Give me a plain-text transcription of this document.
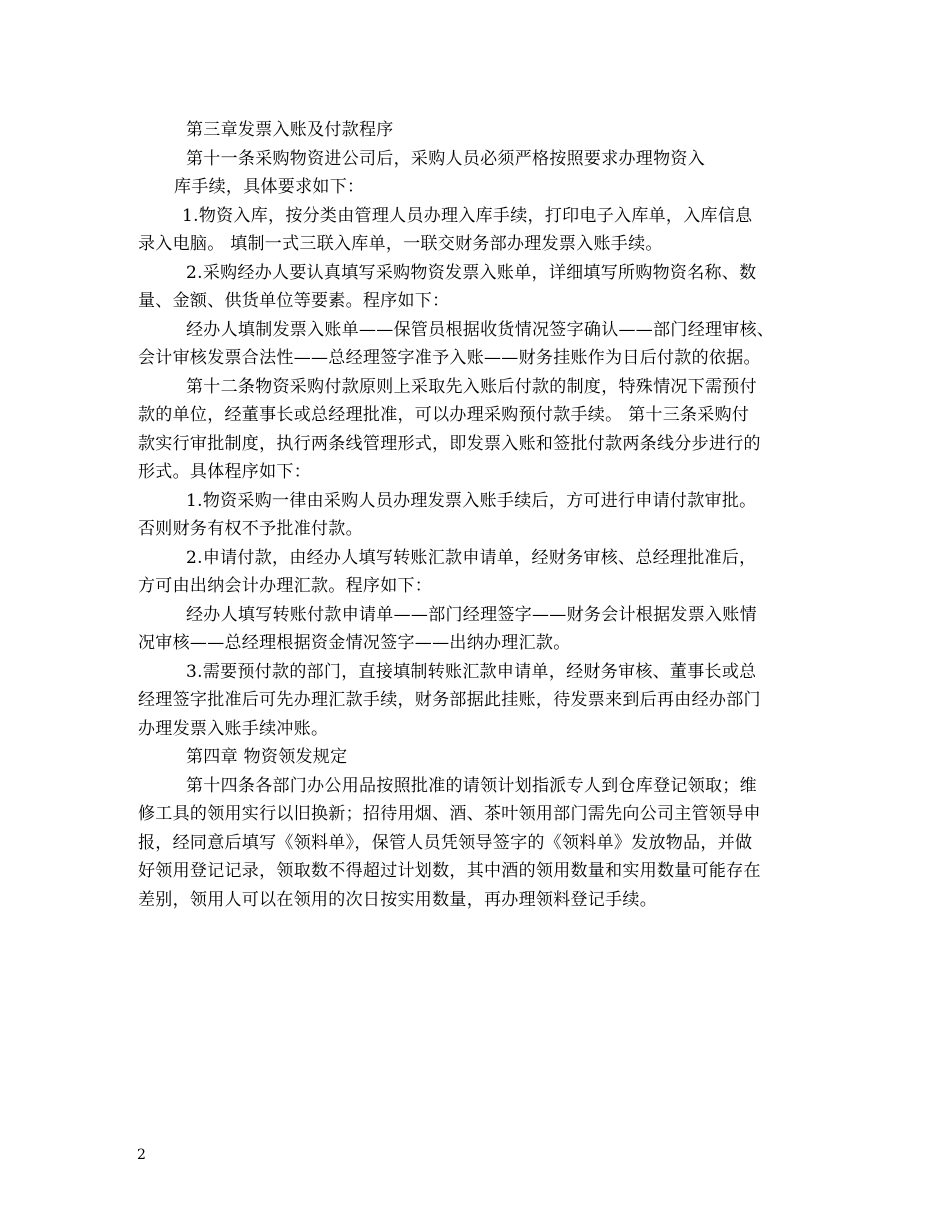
第三章发票入账及付款程序
第十一条采购物资进公司后，采购人员必须严格按照要求办理物资入
库手续，具体要求如下：
1.物资入库，按分类由管理人员办理入库手续，打印电子入库单，入库信息
录入电脑。 填制一式三联入库单，一联交财务部办理发票入账手续。
2.采购经办人要认真填写采购物资发票入账单，详细填写所购物资名称、数
量、金额、供货单位等要素。程序如下：
经办人填制发票入账单——保管员根据收货情况签字确认——部门经理审核、
会计审核发票合法性——总经理签字准予入账——财务挂账作为日后付款的依据。
第十二条物资采购付款原则上采取先入账后付款的制度，特殊情况下需预付
款的单位，经董事长或总经理批准，可以办理采购预付款手续。 第十三条采购付
款实行审批制度，执行两条线管理形式，即发票入账和签批付款两条线分步进行的
形式。具体程序如下：
1.物资采购一律由采购人员办理发票入账手续后，方可进行申请付款审批。
否则财务有权不予批准付款。
2.申请付款，由经办人填写转账汇款申请单，经财务审核、总经理批准后，
方可由出纳会计办理汇款。程序如下：
经办人填写转账付款申请单——部门经理签字——财务会计根据发票入账情
况审核——总经理根据资金情况签字——出纳办理汇款。
3.需要预付款的部门，直接填制转账汇款申请单，经财务审核、董事长或总
经理签字批准后可先办理汇款手续，财务部据此挂账，待发票来到后再由经办部门
办理发票入账手续冲账。
第四章 物资领发规定
第十四条各部门办公用品按照批准的请领计划指派专人到仓库登记领取；维
修工具的领用实行以旧换新；招待用烟、酒、茶叶领用部门需先向公司主管领导申
报，经同意后填写《领料单》，保管人员凭领导签字的《领料单》发放物品，并做
好领用登记记录，领取数不得超过计划数，其中酒的领用数量和实用数量可能存在
差别，领用人可以在领用的次日按实用数量，再办理领料登记手续。
2
